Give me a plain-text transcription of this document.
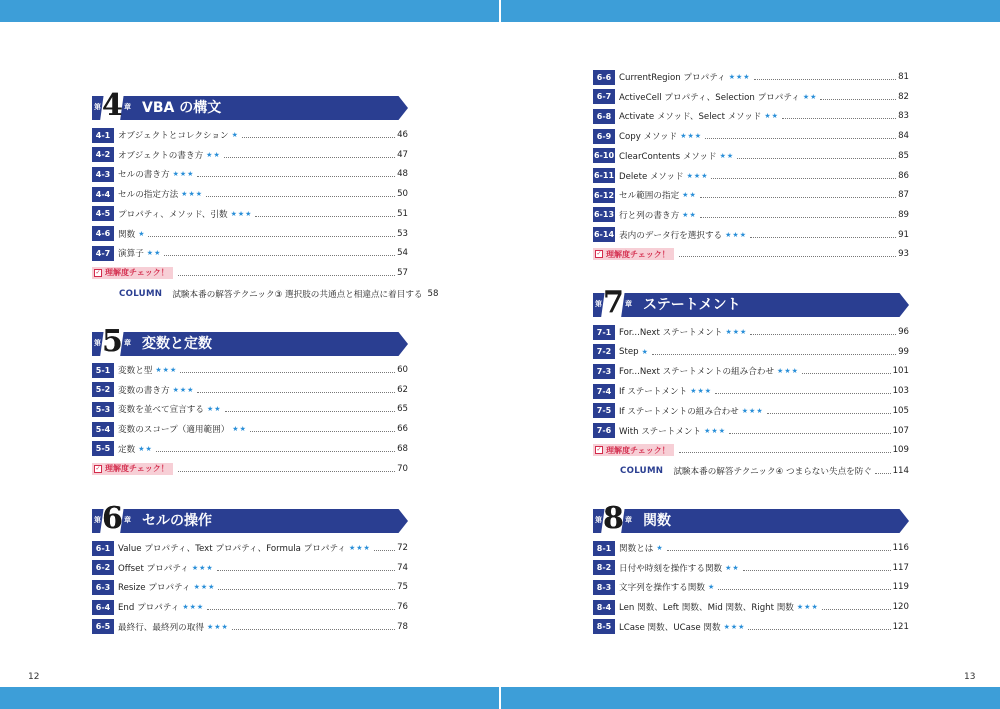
12	13
第 4 章 VBA の構文
4-1 オブジェクトとコレクション ★	46
4-2 オブジェクトの書き方 ★★	47
4-3 セルの書き方 ★★★	48
4-4 セルの指定方法 ★★★	50
4-5 プロパティ、メソッド、引数 ★★★	51
4-6 関数 ★	53
4-7 演算子 ★★	54
✓ 理解度チェック！	57
COLUMN 試験本番の解答テクニック③ 選択肢の共通点と相違点に着目する 58
第 5 章 変数と定数
5-1 変数と型 ★★★	60
5-2 変数の書き方 ★★★	62
5-3 変数を並べて宣言する ★★	65
5-4 変数のスコープ（適用範囲） ★★	66
5-5 定数 ★★	68
✓ 理解度チェック！	70
第 6 章 セルの操作
6-1 Value プロパティ、Text プロパティ、Formula プロパティ ★★★	72
6-2 Offset プロパティ ★★★	74
6-3 Resize プロパティ ★★★	75
6-4 End プロパティ ★★★	76
6-5 最終行、最終列の取得 ★★★	78
6-6 CurrentRegion プロパティ ★★★	81
6-7 ActiveCell プロパティ、Selection プロパティ ★★	82
6-8 Activate メソッド、Select メソッド ★★	83
6-9 Copy メソッド ★★★	84
6-10 ClearContents メソッド ★★	85
6-11 Delete メソッド ★★★	86
6-12 セル範囲の指定 ★★	87
6-13 行と列の書き方 ★★	89
6-14 表内のデータ行を選択する ★★★	91
✓ 理解度チェック！	93
第 7 章 ステートメント
7-1 For...Next ステートメント ★★★	96
7-2 Step ★	99
7-3 For...Next ステートメントの組み合わせ ★★★	101
7-4 If ステートメント ★★★	103
7-5 If ステートメントの組み合わせ ★★★	105
7-6 With ステートメント ★★★	107
✓ 理解度チェック！	109
COLUMN 試験本番の解答テクニック④ つまらない失点を防ぐ 114
第 8 章 関数
8-1 関数とは ★	116
8-2 日付や時刻を操作する関数 ★★	117
8-3 文字列を操作する関数 ★	119
8-4 Len 関数、Left 関数、Mid 関数、Right 関数 ★★★	120
8-5 LCase 関数、UCase 関数 ★★★	121
